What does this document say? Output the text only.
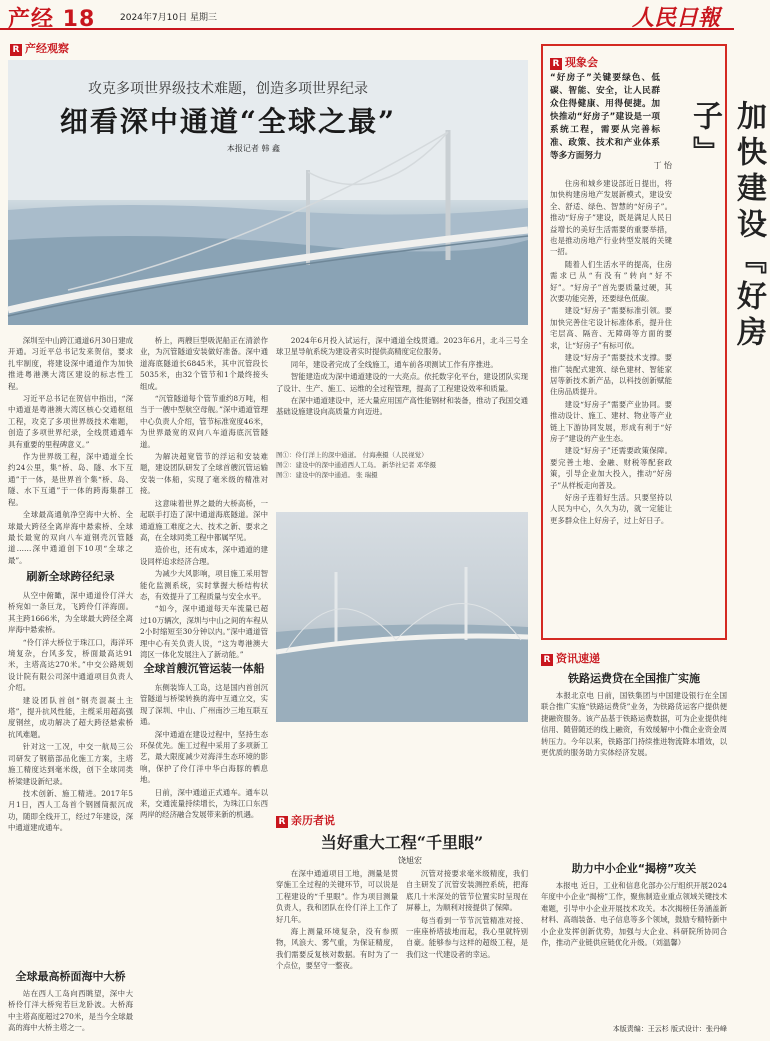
产经 18	2024年7月10日 星期三	人民日報
R 产经观察
攻克多项世界级技术难题，创造多项世界纪录
细看深中通道“全球之最”
本报记者 韩 鑫

深圳至中山跨江通道6月30日建成开通。习近平总书记发来贺信，要求扎牢制度，将建设深中通道作为加快推进粤港澳大湾区建设的标志性工程。

习近平总书记在贺信中指出，“深中通道是粤港澳大湾区核心交通枢纽工程，攻克了多项世界级技术难题，创造了多项世界纪录，全线贯通通车具有重要的里程碑意义。”

作为世界级工程，深中通道全长约24公里，集“桥、岛、隧、水下互通”于一体，是世界首个集“桥、岛、隧、水下互通”于一体的跨海集群工程。

全球最高通航净空海中大桥、全球最大跨径全离岸海中悬索桥、全球最长最宽的双向八车道钢壳沉管隧道……深中通道创下10项“全球之最”。

刷新全球跨径纪录

从空中俯瞰，深中通道伶仃洋大桥宛如一条巨龙，飞跨伶仃洋海面。其主跨1666米，为全球最大跨径全离岸海中悬索桥。

“伶仃洋大桥位于珠江口，海洋环境复杂，台风多发，桥面最高达91米，主塔高达270米。”中交公路规划设计院有限公司深中通道项目负责人介绍。

建设团队首创“钢壳混凝土主塔”，提升抗风性能，主缆采用超高强度钢丝，成功解决了超大跨径悬索桥抗风难题。

针对这一工况，中交一航局三公司研发了钢筋部品化施工方案，主塔施工精度达到毫米级，创下全球同类桥梁建设新纪录。

技术创新、施工精进。2017年5月1日，西人工岛首个钢圆筒振沉成功，随即全线开工，经过7年建设，深中通道建成通车。

全球最高桥面海中大桥

站在西人工岛向西眺望，深中大桥伶仃洋大桥宛若巨龙卧波。大桥海中主塔高度超过270米，是当今全球最高的海中大桥主塔之一。

桥上，两艘巨型吸泥船正在清淤作业，为沉管隧道安装做好准备。深中通道海底隧道长6845米，其中沉管段长5035米，由32个管节和1个最终接头组成。

“沉管隧道每个管节重约8万吨，相当于一艘中型航空母舰。”深中通道管理中心负责人介绍，管节标准宽度46米，为世界最宽的双向八车道海底沉管隧道。

为解决超宽管节的浮运和安装难题，建设团队研发了全球首艘沉管运输安装一体船，实现了毫米级的精准对接。

这意味着世界之最的大桥高桥，一起联手打造了深中通道海底隧道。深中通道施工难度之大、技术之新、要求之高，在全球同类工程中都属罕见。

造价也，还有成本，深中通道的建设同样追求经济合理。

为减少大风影响，项目施工采用智能化监测系统，实时掌握大桥结构状态，有效提升了工程质量与安全水平。

“如今，深中通道每天车流量已超过10万辆次，深圳与中山之间的车程从2小时缩短至30分钟以内。”深中通道管理中心有关负责人说，“这为粤港澳大湾区一体化发展注入了新动能。”

全球首艘沉管运装一体船

东侧装饰人工岛，这是国内首创沉管隧道与桥梁转换的海中互通立交，实现了深圳、中山、广州南沙三地互联互通。

深中通道在建设过程中，坚持生态环保优先。施工过程中采用了多项新工艺，最大限度减少对海洋生态环境的影响，保护了伶仃洋中华白海豚的栖息地。

日前，深中通道正式通车。通车以来，交通流量持续增长，为珠江口东西两岸的经济融合发展带来新的机遇。

2024年6月投入试运行，深中通道全线贯通。2023年6月，北斗三号全球卫星导航系统为建设者实时提供高精度定位服务。

同年，建设者完成了全线施工，通车前各项测试工作有序推进。

智能建造成为深中通道建设的一大亮点。依托数字化平台，建设团队实现了设计、生产、施工、运维的全过程管理，提高了工程建设效率和质量。

在深中通道建设中，还大量应用国产高性能钢材和装备，推动了我国交通基础设施建设向高质量方向迈进。

图①：伶仃洋上的深中通道。 付海燕摄（人民视觉）
图②：建设中的深中通道西人工岛。 新华社记者 邓华摄
图③：建设中的深中通道。 张 瑞摄
R 亲历者说
当好重大工程“千里眼”
饶旭宏

在深中通道项目工地，测量是贯穿施工全过程的关键环节，可以说是工程建设的“千里眼”。作为项目测量负责人，我和团队在伶仃洋上工作了好几年。

海上测量环境复杂，没有参照物，风浪大、雾气重，为保证精度，我们需要反复核对数据。有时为了一个点位，要坚守一整夜。

沉管对接要求毫米级精度，我们自主研发了沉管安装测控系统，把海底几十米深处的管节位置实时呈现在屏幕上，为顺利对接提供了保障。

每当看到一节节沉管精准对接、一座座桥塔拔地而起，我心里就特别自豪。能够参与这样的超级工程，是我们这一代建设者的幸运。

R 现象会
“好房子”关键要绿色、低碳、智能、安全，让人民群众住得健康、用得便捷。加快推动“好房子”建设是一项系统工程，需要从完善标准、政策、技术和产业体系等多方面努力	加快建设『好房子』
丁 怡

住房和城乡建设部近日提出，将加快构建房地产发展新模式，建设安全、舒适、绿色、智慧的“好房子”。推动“好房子”建设，既是满足人民日益增长的美好生活需要的重要举措，也是推动房地产行业转型发展的关键一招。

随着人们生活水平的提高，住房需求已从“有没有”转向“好不好”。“好房子”首先要质量过硬，其次要功能完善，还要绿色低碳。

建设“好房子”需要标准引领。要加快完善住宅设计标准体系，提升住宅层高、隔音、无障碍等方面的要求，让“好房子”有标可依。

建设“好房子”需要技术支撑。要推广装配式建筑、绿色建材、智能家居等新技术新产品，以科技创新赋能住房品质提升。

建设“好房子”需要产业协同。要推动设计、施工、建材、物业等产业链上下游协同发展，形成有利于“好房子”建设的产业生态。

建设“好房子”还需要政策保障。要完善土地、金融、财税等配套政策，引导企业加大投入，推动“好房子”从样板走向普及。

好房子连着好生活。只要坚持以人民为中心，久久为功，就一定能让更多群众住上好房子，过上好日子。

R 资讯速递
铁路运费贷在全国推广实施

本报北京电 日前，国铁集团与中国建设银行在全国联合推广实施“铁路运费贷”业务，为铁路货运客户提供便捷融资服务。该产品基于铁路运费数据，可为企业提供纯信用、随借随还的线上融资，有效缓解中小微企业资金周转压力。今年以来，铁路部门持续推进物流降本增效，以更优质的服务助力实体经济发展。

助力中小企业“揭榜”攻关

本报电 近日，工业和信息化部办公厅组织开展2024年度中小企业“揭榜”工作，聚焦制造业重点领域关键技术难题，引导中小企业开展技术攻关。本次揭榜任务涵盖新材料、高端装备、电子信息等多个领域，鼓励专精特新中小企业发挥创新优势，加强与大企业、科研院所协同合作，推动产业链供应链优化升级。（刘温馨）

本版责编：王云杉 版式设计：张丹峰
